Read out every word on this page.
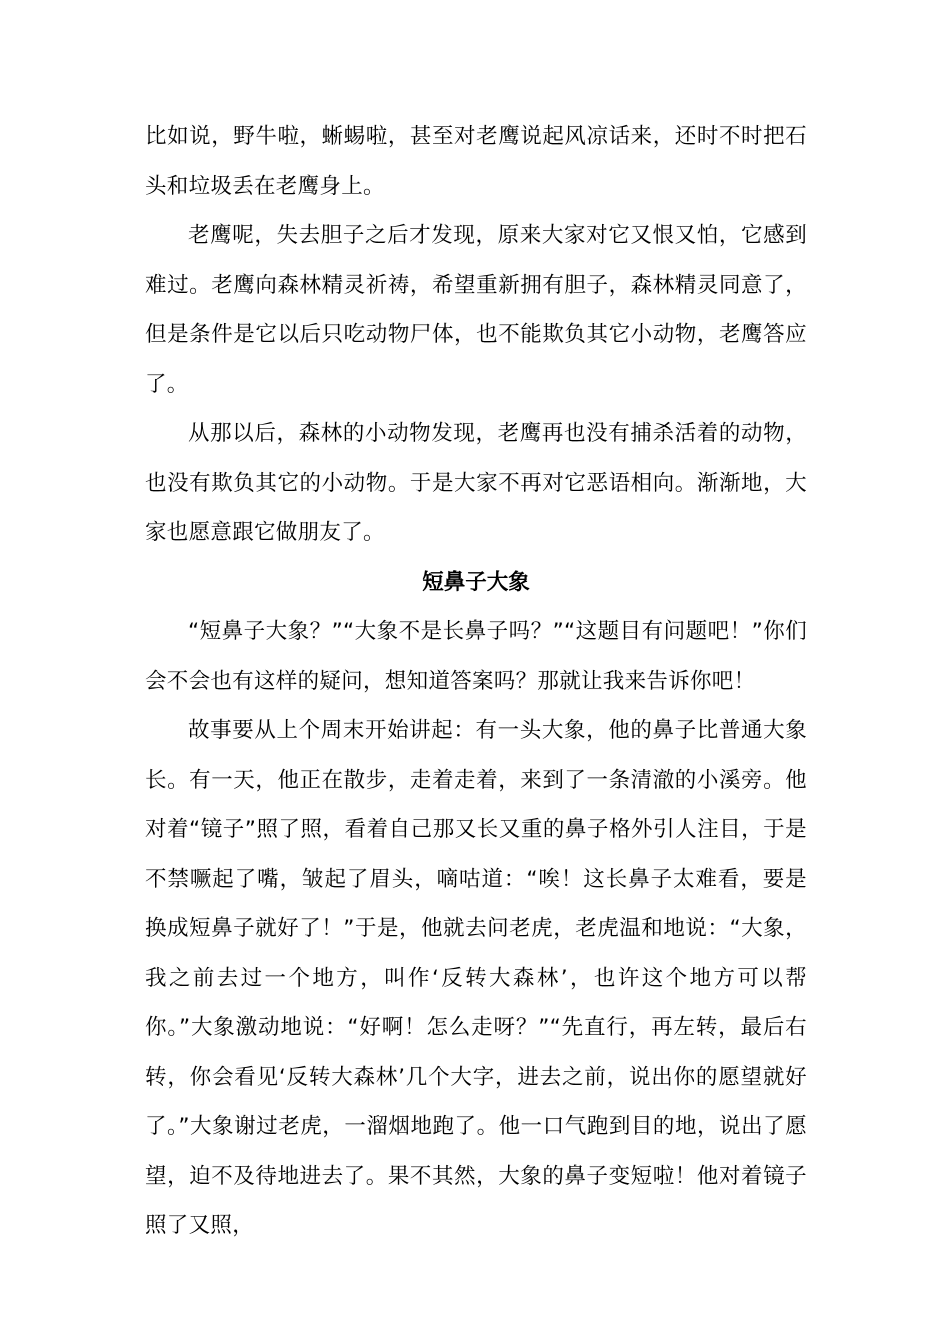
比如说，野牛啦，蜥蜴啦，甚至对老鹰说起风凉话来，还时不时把石头和垃圾丢在老鹰身上。

老鹰呢，失去胆子之后才发现，原来大家对它又恨又怕，它感到难过。老鹰向森林精灵祈祷，希望重新拥有胆子，森林精灵同意了，但是条件是它以后只吃动物尸体，也不能欺负其它小动物，老鹰答应了。

从那以后，森林的小动物发现，老鹰再也没有捕杀活着的动物，也没有欺负其它的小动物。于是大家不再对它恶语相向。渐渐地，大家也愿意跟它做朋友了。

短鼻子大象

“短鼻子大象？”“大象不是长鼻子吗？”“这题目有问题吧！”你们会不会也有这样的疑问，想知道答案吗？那就让我来告诉你吧！

故事要从上个周末开始讲起：有一头大象，他的鼻子比普通大象长。有一天，他正在散步，走着走着，来到了一条清澈的小溪旁。他对着“镜子”照了照，看着自己那又长又重的鼻子格外引人注目，于是不禁噘起了嘴，皱起了眉头，嘀咕道：“唉！这长鼻子太难看，要是换成短鼻子就好了！”于是，他就去问老虎，老虎温和地说：“大象，我之前去过一个地方，叫作‘反转大森林’，也许这个地方可以帮你。”大象激动地说：“好啊！怎么走呀？”“先直行，再左转，最后右转，你会看见‘反转大森林’几个大字，进去之前，说出你的愿望就好了。”大象谢过老虎，一溜烟地跑了。他一口气跑到目的地，说出了愿望，迫不及待地进去了。果不其然，大象的鼻子变短啦！他对着镜子照了又照，
